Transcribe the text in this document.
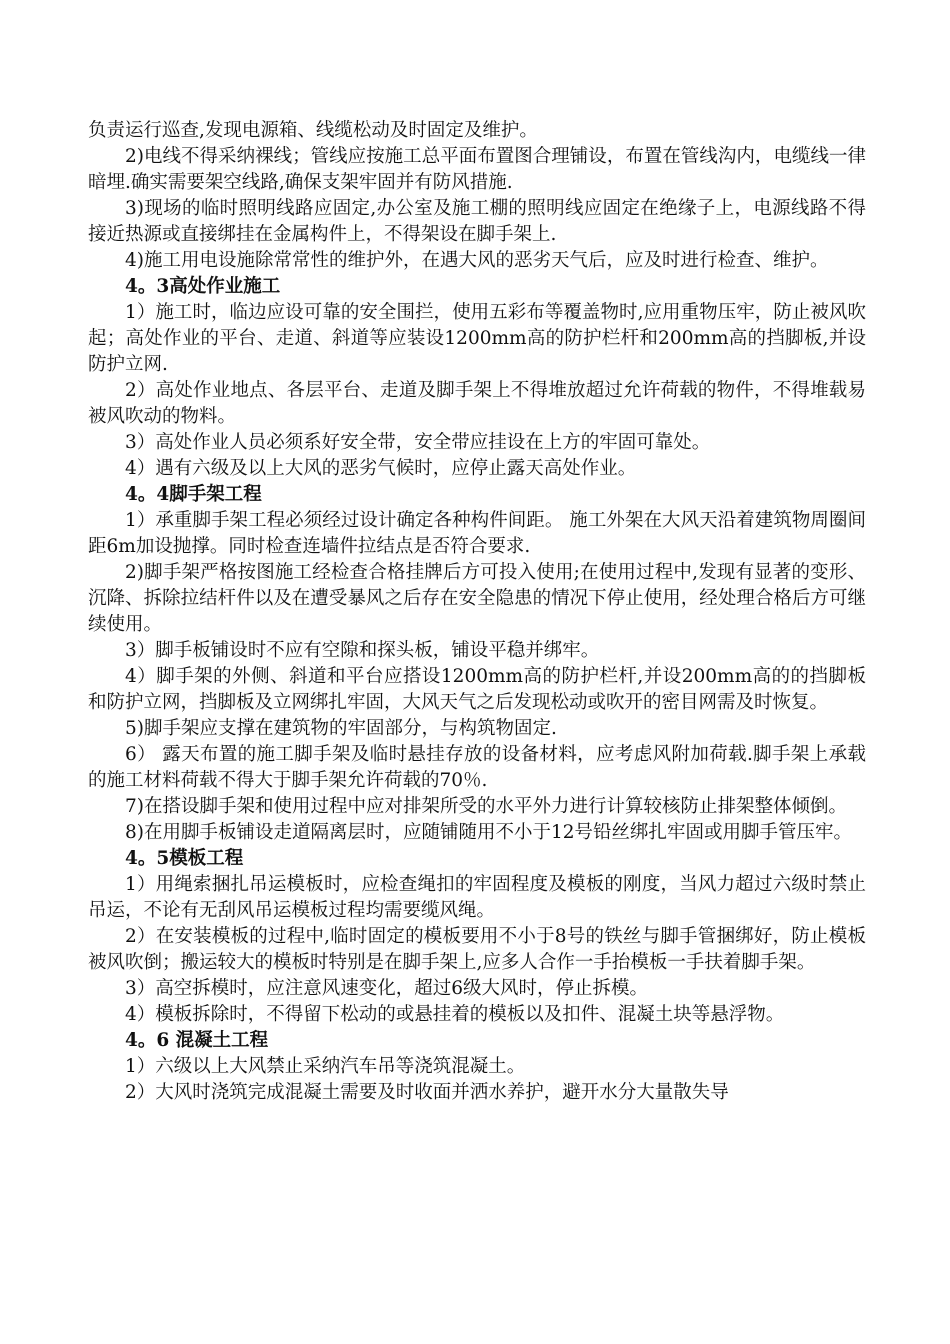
负责运行巡查,发现电源箱、线缆松动及时固定及维护。

2)电线不得采纳裸线；管线应按施工总平面布置图合理铺设，布置在管线沟内，电缆线一律暗埋.确实需要架空线路,确保支架牢固并有防风措施.

3)现场的临时照明线路应固定,办公室及施工棚的照明线应固定在绝缘子上，电源线路不得接近热源或直接绑挂在金属构件上，不得架设在脚手架上.

4)施工用电设施除常常性的维护外，在遇大风的恶劣天气后，应及时进行检查、维护。

4。3高处作业施工

1）施工时，临边应设可靠的安全围拦，使用五彩布等覆盖物时,应用重物压牢，防止被风吹起；高处作业的平台、走道、斜道等应装设1200mm高的防护栏杆和200mm高的挡脚板,并设防护立网.

2）高处作业地点、各层平台、走道及脚手架上不得堆放超过允许荷载的物件，不得堆载易被风吹动的物料。

3）高处作业人员必须系好安全带，安全带应挂设在上方的牢固可靠处。

4）遇有六级及以上大风的恶劣气候时，应停止露天高处作业。

4。4脚手架工程

1）承重脚手架工程必须经过设计确定各种构件间距。 施工外架在大风天沿着建筑物周圈间距6m加设抛撑。同时检查连墙件拉结点是否符合要求.

2)脚手架严格按图施工经检查合格挂牌后方可投入使用;在使用过程中,发现有显著的变形、沉降、拆除拉结杆件以及在遭受暴风之后存在安全隐患的情况下停止使用，经处理合格后方可继续使用。

3）脚手板铺设时不应有空隙和探头板，铺设平稳并绑牢。

4）脚手架的外侧、斜道和平台应搭设1200mm高的防护栏杆,并设200mm高的的挡脚板和防护立网，挡脚板及立网绑扎牢固，大风天气之后发现松动或吹开的密目网需及时恢复。

5)脚手架应支撑在建筑物的牢固部分，与构筑物固定.

6） 露天布置的施工脚手架及临时悬挂存放的设备材料，应考虑风附加荷载.脚手架上承载的施工材料荷载不得大于脚手架允许荷载的70％.

7)在搭设脚手架和使用过程中应对排架所受的水平外力进行计算较核防止排架整体倾倒。

8)在用脚手板铺设走道隔离层时，应随铺随用不小于12号铅丝绑扎牢固或用脚手管压牢。

4。5模板工程

1）用绳索捆扎吊运模板时，应检查绳扣的牢固程度及模板的刚度，当风力超过六级时禁止吊运，不论有无刮风吊运模板过程均需要缆风绳。

2）在安装模板的过程中,临时固定的模板要用不小于8号的铁丝与脚手管捆绑好，防止模板被风吹倒；搬运较大的模板时特别是在脚手架上,应多人合作一手抬模板一手扶着脚手架。

3）高空拆模时，应注意风速变化，超过6级大风时，停止拆模。

4）模板拆除时，不得留下松动的或悬挂着的模板以及扣件、混凝土块等悬浮物。

4。6 混凝土工程

1）六级以上大风禁止采纳汽车吊等浇筑混凝土。

2）大风时浇筑完成混凝土需要及时收面并洒水养护，避开水分大量散失导
